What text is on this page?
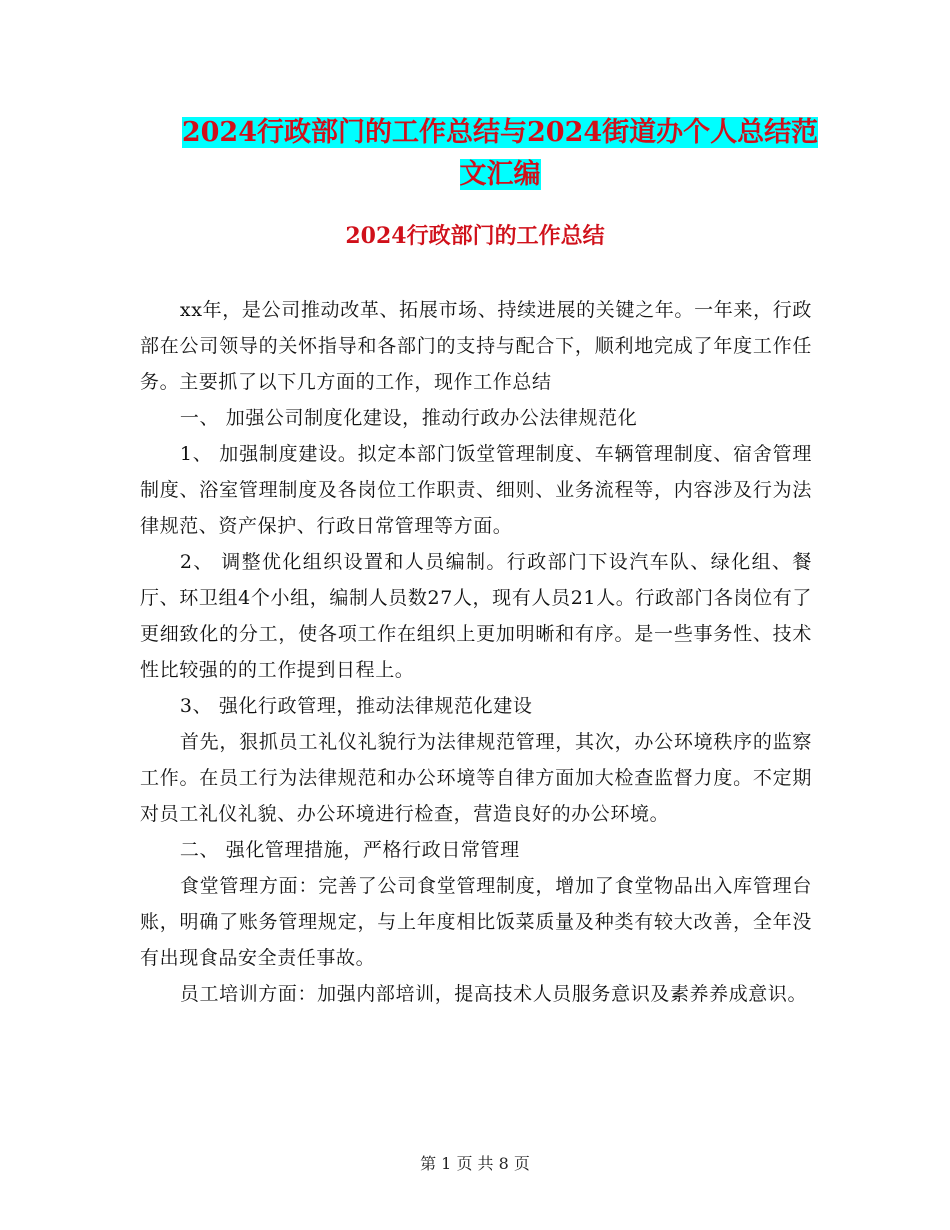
2024行政部门的工作总结与2024街道办个人总结范文汇编
2024行政部门的工作总结

xx年，是公司推动改革、拓展市场、持续进展的关键之年。一年来，行政部在公司领导的关怀指导和各部门的支持与配合下，顺利地完成了年度工作任务。主要抓了以下几方面的工作，现作工作总结

一、 加强公司制度化建设，推动行政办公法律规范化

1、 加强制度建设。拟定本部门饭堂管理制度、车辆管理制度、宿舍管理制度、浴室管理制度及各岗位工作职责、细则、业务流程等，内容涉及行为法律规范、资产保护、行政日常管理等方面。

2、 调整优化组织设置和人员编制。行政部门下设汽车队、绿化组、餐厅、环卫组4个小组，编制人员数27人，现有人员21人。行政部门各岗位有了更细致化的分工，使各项工作在组织上更加明晰和有序。是一些事务性、技术性比较强的的工作提到日程上。

3、 强化行政管理，推动法律规范化建设

首先，狠抓员工礼仪礼貌行为法律规范管理，其次，办公环境秩序的监察工作。在员工行为法律规范和办公环境等自律方面加大检查监督力度。不定期对员工礼仪礼貌、办公环境进行检查，营造良好的办公环境。

二、 强化管理措施，严格行政日常管理

食堂管理方面：完善了公司食堂管理制度，增加了食堂物品出入库管理台账，明确了账务管理规定，与上年度相比饭菜质量及种类有较大改善，全年没有出现食品安全责任事故。

员工培训方面：加强内部培训，提高技术人员服务意识及素养养成意识。

第 1 页 共 8 页
